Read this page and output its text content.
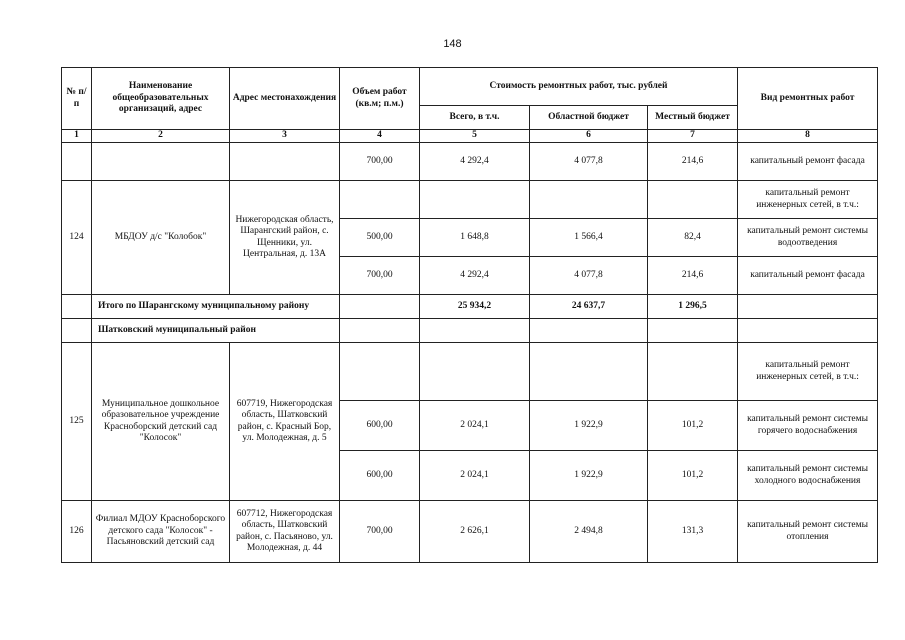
148
№ п/п	Наименование общеобразовательных организаций, адрес	Адрес местонахождения	Объем работ (кв.м; п.м.)	Стоимость ремонтных работ, тыс. рублей			Вид ремонтных работ
				Всего, в т.ч.	Областной бюджет	Местный бюджет	
1	2	3	4	5	6	7	8
			700,00	4 292,4	4 077,8	214,6	капитальный ремонт фасада
124	МБДОУ д/с "Колобок"	Нижегородская область, Шарангский район, с. Щенники, ул. Центральная, д. 13А					капитальный ремонт инженерных сетей, в т.ч.:
			500,00	1 648,8	1 566,4	82,4	капитальный ремонт системы водоотведения
			700,00	4 292,4	4 077,8	214,6	капитальный ремонт фасада
	Итого по Шарангскому муниципальному району			25 934,2	24 637,7	1 296,5	
	Шатковский муниципальный район						
125	Муниципальное дошкольное образовательное учреждение Красноборский детский сад "Колосок"	607719, Нижегородская область, Шатковский район, с. Красный Бор, ул. Молодежная, д. 5					капитальный ремонт инженерных сетей, в т.ч.:
			600,00	2 024,1	1 922,9	101,2	капитальный ремонт системы горячего водоснабжения
			600,00	2 024,1	1 922,9	101,2	капитальный ремонт системы холодного водоснабжения
126	Филиал МДОУ Красноборского детского сада "Колосок" - Пасьяновский детский сад	607712, Нижегородская область, Шатковский район, с. Пасьяново, ул. Молодежная, д. 44	700,00	2 626,1	2 494,8	131,3	капитальный ремонт системы отопления
